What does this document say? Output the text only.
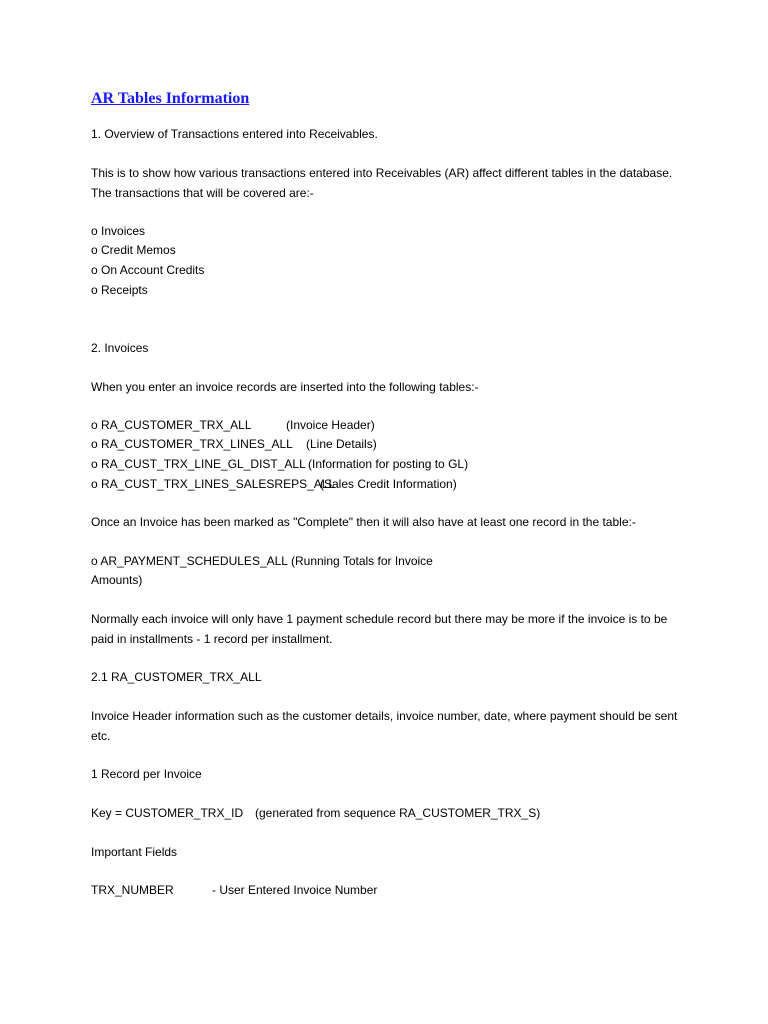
AR Tables Information
1. Overview of Transactions entered into Receivables.
This is to show how various transactions entered into Receivables (AR) affect different tables in the database. The transactions that will be covered are:-
o Invoices
o Credit Memos
o On Account Credits
o Receipts
2. Invoices
When you enter an invoice records are inserted into the following tables:-
o RA_CUSTOMER_TRX_ALL	(Invoice Header)
o RA_CUSTOMER_TRX_LINES_ALL (Line Details)
o RA_CUST_TRX_LINE_GL_DIST_ALL (Information for posting to GL)
o RA_CUST_TRX_LINES_SALESREPS_ALL
(Sales Credit Information)
Once an Invoice has been marked as "Complete" then it will also have at least one record in the table:-
o AR_PAYMENT_SCHEDULES_ALL (Running Totals for Invoice
Amounts)
Normally each invoice will only have 1 payment schedule record but there may be more if the invoice is to be paid in installments - 1 record per installment.
2.1 RA_CUSTOMER_TRX_ALL
Invoice Header information such as the customer details, invoice number, date, where payment should be sent etc.
1 Record per Invoice
Key = CUSTOMER_TRX_ID (generated from sequence RA_CUSTOMER_TRX_S)
Important Fields
TRX_NUMBER	- User Entered Invoice Number
